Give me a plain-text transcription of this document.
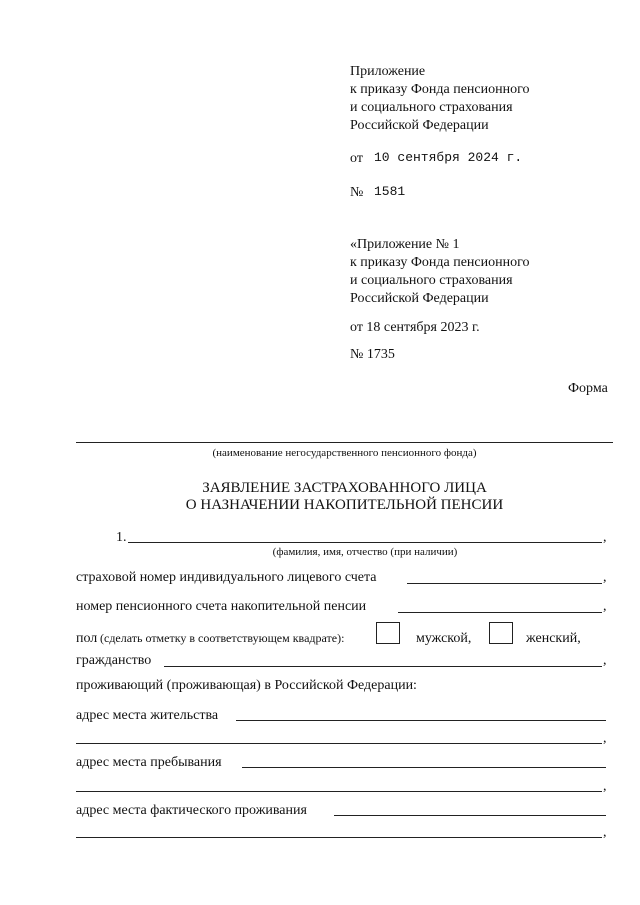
Приложение
к приказу Фонда пенсионного
и социального страхования
Российской Федерации
от 10 сентября 2024 г.
№ 1581
«Приложение № 1
к приказу Фонда пенсионного
и социального страхования
Российской Федерации
от 18 сентября 2023 г.
№ 1735
Форма
(наименование негосударственного пенсионного фонда)
ЗАЯВЛЕНИЕ ЗАСТРАХОВАННОГО ЛИЦА
О НАЗНАЧЕНИИ НАКОПИТЕЛЬНОЙ ПЕНСИИ
1.	,
(фамилия, имя, отчество (при наличии)
страховой номер индивидуального лицевого счета	,
номер пенсионного счета накопительной пенсии	,
пол (сделать отметку в соответствующем квадрате):	мужской,	женский,
гражданство	,
проживающий (проживающая) в Российской Федерации:
адрес места жительства
,
адрес места пребывания
,
адрес места фактического проживания
,
